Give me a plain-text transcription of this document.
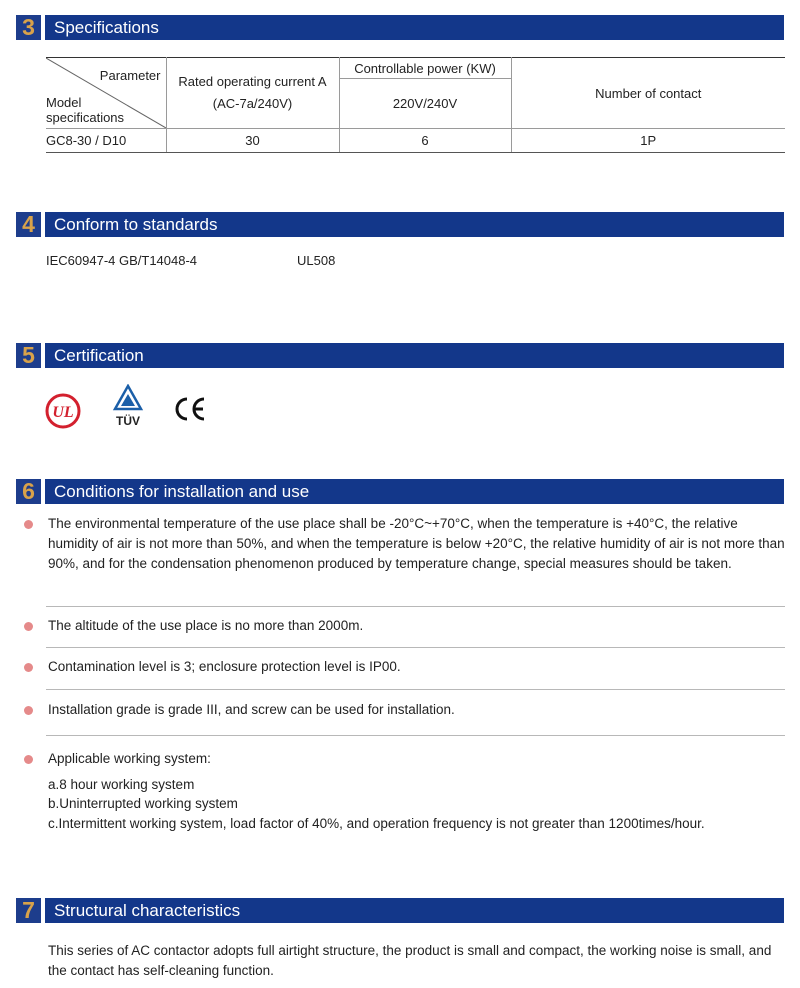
3	Specifications
Parameter
Model
specifications	Rated operating current A (AC-7a/240V)	Controllable power (KW)	Number of contact
		220V/240V	
GC8-30 / D10	30	6	1P
4	Conform to standards
IEC60947-4 GB/T14048-4	UL508
5	Certification
UL	TÜV
6	Conditions for installation and use
The environmental temperature of the use place shall be -20°C~+70°C, when the temperature is +40°C, the relative humidity of air is not more than 50%, and when the temperature is below +20°C, the relative humidity of air is not more than 90%, and for the condensation phenomenon produced by temperature change, special measures should be taken.
The altitude of the use place is no more than 2000m.
Contamination level is 3; enclosure protection level is IP00.
Installation grade is grade III, and screw can be used for installation.
Applicable working system:
a.8 hour working system
b.Uninterrupted working system
c.Intermittent working system, load factor of 40%, and operation frequency is not greater than 1200times/hour.
7	Structural characteristics
This series of AC contactor adopts full airtight structure, the product is small and compact, the working noise is small, and the contact has self-cleaning function.
